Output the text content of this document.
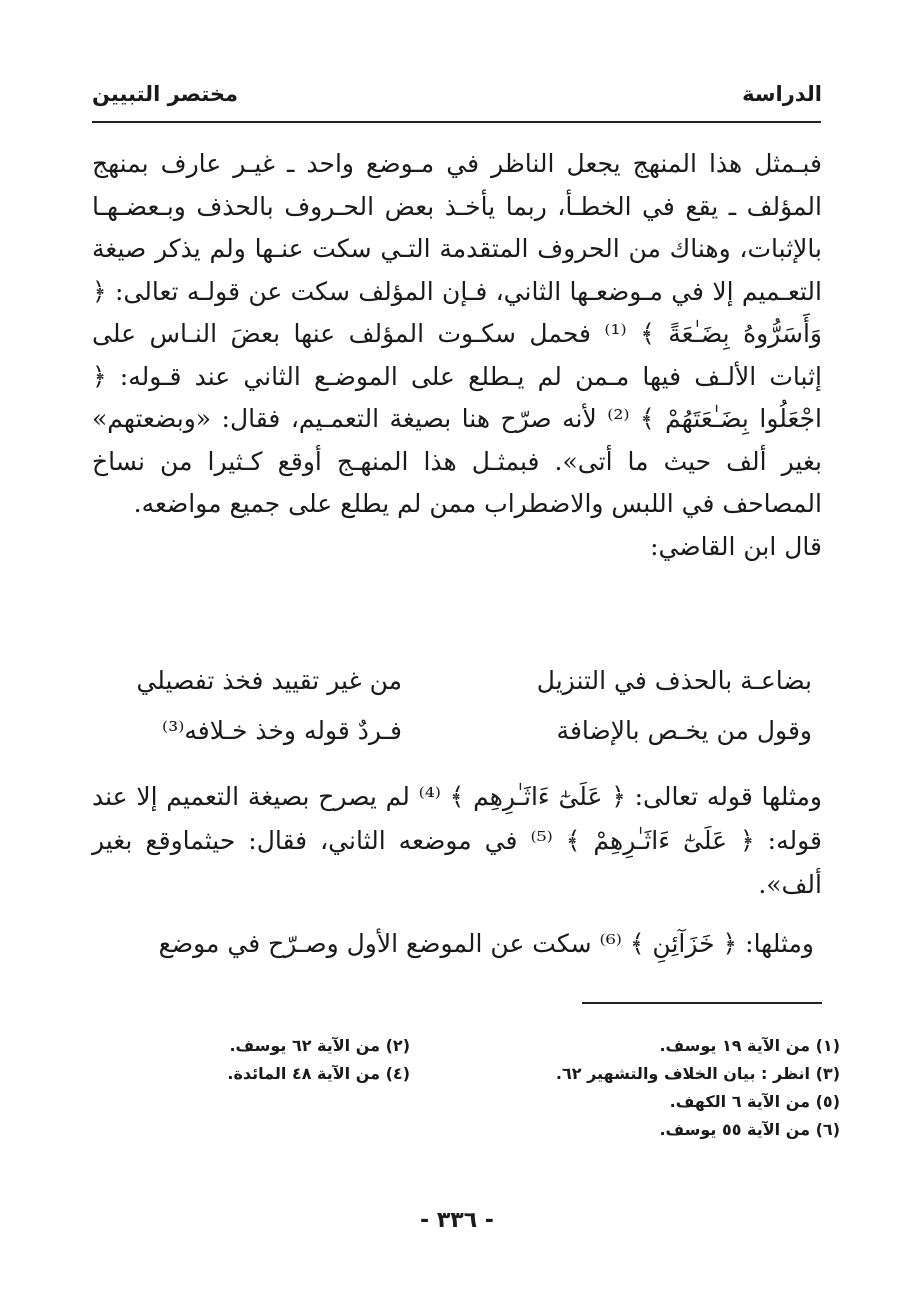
الدراسة
مختصر التبيين

فبـمثل هذا المنهج يجعل الناظر في مـوضع واحد ـ غيـر عارف بمنهج المؤلف ـ يقع في الخطـأ، ربما يأخـذ بعض الحـروف بالحذف وبـعضـهـا بالإثبات، وهناك من الحروف المتقدمة التـي سكت عنـها ولم يذكر صيغة التعـميم إلا في مـوضعـها الثاني، فـإن المؤلف سكت عن قولـه تعالى: ﴿ وَأَسَرُّوهُ بِضَـٰعَةً ﴾ ⁽¹⁾ فحمل سكـوت المؤلف عنها بعضَ النـاس على إثبات الألـف فيها مـمن لم يـطلع على الموضـع الثاني عند قـوله: ﴿ اجْعَلُوا بِضَـٰعَتَهُمْ ﴾ ⁽²⁾ لأنه صرّح هنا بصيغة التعمـيم، فقال: «وبضعتهم» بغير ألف حيث ما أتى». فبمثـل هذا المنهـج أوقع كـثيرا من نساخ المصاحف في اللبس والاضطراب ممن لم يطلع على جميع مواضعه.

قال ابن القاضي:

بضاعـة بالحذف في التنزيل
من غير تقييد فخذ تفصيلي
وقول من يخـص بالإضافة
فـردٌ قوله وخذ خـلافه⁽³⁾

ومثلها قوله تعالى: ﴿ عَلَىٰٓ ءَاثَـٰرِهِم ﴾ ⁽⁴⁾ لم يصرح بصيغة التعميم إلا عند قوله: ﴿ عَلَىٰٓ ءَاثَـٰرِهِمْ ﴾ ⁽⁵⁾ في موضعه الثاني، فقال: حيثماوقع بغير ألف».

ومثلها: ﴿ خَزَآئِنِ ﴾ ⁽⁶⁾ سكت عن الموضع الأول وصـرّح في موضع
(١) من الآية ١٩ يوسف.
(٣) انظر : بيان الخلاف والتشهير ٦٢.
(٥) من الآية ٦ الكهف.
(٦) من الآية ٥٥ يوسف.
(٢) من الآية ٦٢ يوسف.
(٤) من الآية ٤٨ المائدة.
- ٣٣٦ -
